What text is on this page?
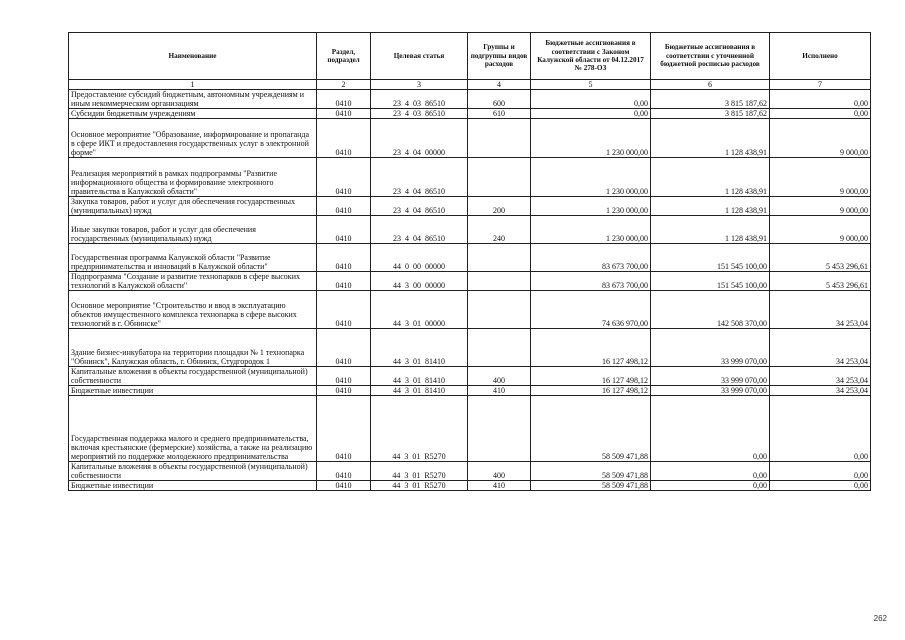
Наименование	Раздел, подраздел	Целевая статья	Группы и подгруппы видов расходов	Бюджетные ассигнования в соответствии с Законом Калужской области от 04.12.2017 № 278-ОЗ	Бюджетные ассигнования в соответствии с уточненной бюджетной росписью расходов	Исполнено
1	2	3	4	5	6	7
Предоставление субсидий бюджетным, автономным учреждениям и иным некоммерческим организациям	0410	23  4  03  86510	600	0,00	3 815 187,62	0,00
Субсидии бюджетным учреждениям	0410	23  4  03  86510	610	0,00	3 815 187,62	0,00
Основное мероприятие "Образование, информирование и пропаганда в сфере ИКТ и предоставления государственных услуг в электронной форме"	0410	23  4  04  00000		1 230 000,00	1 128 438,91	9 000,00
Реализация мероприятий в рамках подпрограммы "Развитие информационного общества и формирование электронного правительства в Калужской области"	0410	23  4  04  86510		1 230 000,00	1 128 438,91	9 000,00
Закупка товаров, работ и услуг для обеспечения государственных (муниципальных) нужд	0410	23  4  04  86510	200	1 230 000,00	1 128 438,91	9 000,00
Иные закупки товаров, работ и услуг для обеспечения государственных (муниципальных) нужд	0410	23  4  04  86510	240	1 230 000,00	1 128 438,91	9 000,00
Государственная программа Калужской области "Развитие предпринимательства и инноваций в Калужской области"	0410	44  0  00  00000		83 673 700,00	151 545 100,00	5 453 296,61
Подпрограмма "Создание и развитие технопарков в сфере высоких технологий в Калужской области"	0410	44  3  00  00000		83 673 700,00	151 545 100,00	5 453 296,61
Основное мероприятие "Строительство и ввод в эксплуатацию объектов имущественного комплекса технопарка в сфере высоких технологий в г. Обнинске"	0410	44  3  01  00000		74 636 970,00	142 508 370,00	34 253,04
Здание бизнес-инкубатора на территории площадки № 1 технопарка "Обнинск", Калужская область, г. Обнинск, Студгородок 1	0410	44  3  01  81410		16 127 498,12	33 999 070,00	34 253,04
Капитальные вложения в объекты государственной (муниципальной) собственности	0410	44  3  01  81410	400	16 127 498,12	33 999 070,00	34 253,04
Бюджетные инвестиции	0410	44  3  01  81410	410	16 127 498,12	33 999 070,00	34 253,04
Государственная поддержка малого и среднего предпринимательства, включая крестьянские (фермерские) хозяйства, а также на реализацию мероприятий по поддержке молодежного предпринимательства	0410	44  3  01  R5270		58 509 471,88	0,00	0,00
Капитальные вложения в объекты государственной (муниципальной) собственности	0410	44  3  01  R5270	400	58 509 471,88	0,00	0,00
Бюджетные инвестиции	0410	44  3  01  R5270	410	58 509 471,88	0,00	0,00
262
